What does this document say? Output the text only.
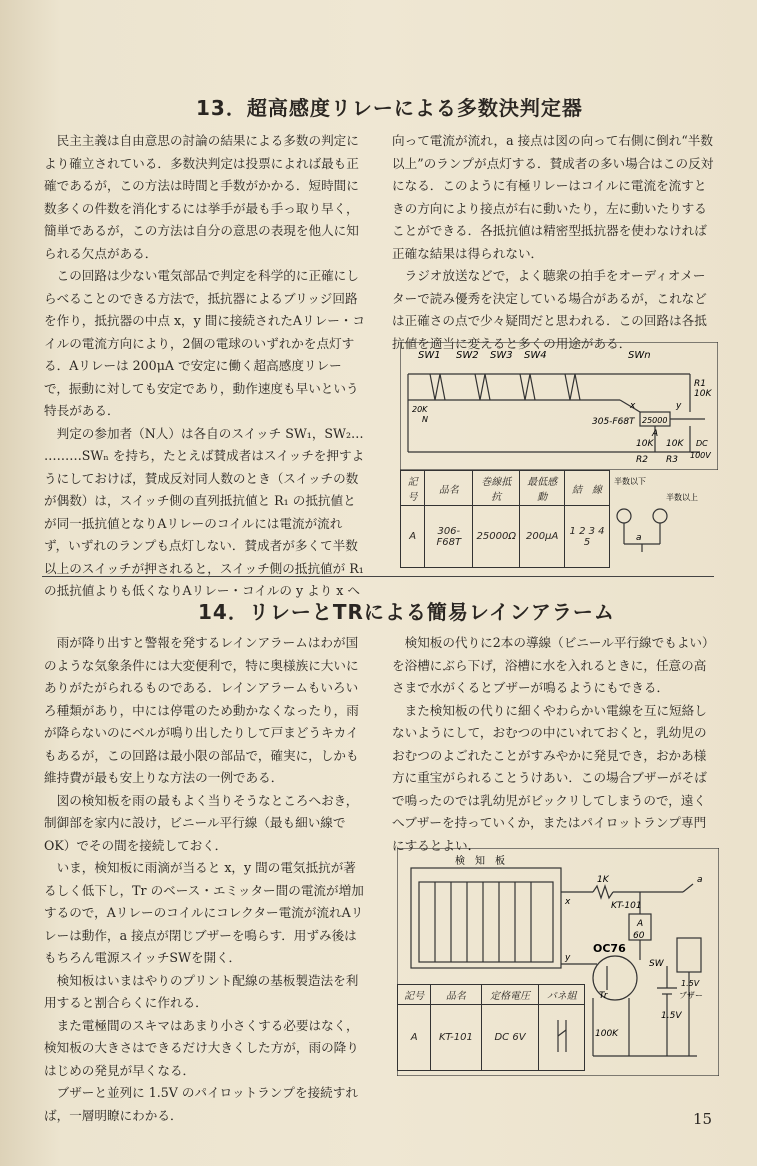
13．超高感度リレーによる多数決判定器

民主主義は自由意思の討論の結果による多数の判定により確立されている．多数決判定は投票によれば最も正確であるが，この方法は時間と手数がかかる．短時間に数多くの件数を消化するには挙手が最も手っ取り早く，簡単であるが，この方法は自分の意思の表現を他人に知られる欠点がある．

この回路は少ない電気部品で判定を科学的に正確にしらべることのできる方法で，抵抗器によるブリッジ回路を作り，抵抗器の中点 x，y 間に接続されたAリレー・コイルの電流方向により，2個の電球のいずれかを点灯する．Aリレーは 200μA で安定に働く超高感度リレーで，振動に対しても安定であり，動作速度も早いという特長がある．

判定の参加者（N人）は各自のスイッチ SW₁，SW₂… ………SWₙ を持ち，たとえば賛成者はスイッチを押すようにしておけば，賛成反対同人数のとき（スイッチの数が偶数）は，スイッチ側の直列抵抗値と R₁ の抵抗値とが同一抵抗値となりAリレーのコイルには電流が流れず，いずれのランプも点灯しない．賛成者が多くて半数以上のスイッチが押されると，スイッチ側の抵抗値が R₁ の抵抗値よりも低くなりAリレー・コイルの y より x へ

向って電流が流れ，a 接点は図の向って右側に倒れ“半数以上”のランプが点灯する．賛成者の多い場合はこの反対になる．このように有極リレーはコイルに電流を流すときの方向により接点が右に動いたり，左に動いたりすることができる．各抵抗値は精密型抵抗器を使わなければ正確な結果は得られない．

ラジオ放送などで，よく聴衆の拍手をオーディオメーターで読み優秀を決定している場合があるが，これなどは正確さの点で少々疑問だと思われる．この回路は各抵抗値を適当に変えると多くの用途がある．

SW1 SW2 SW3 SW4	SWn
R1
10K
20K
N	305-F68T 25000
A
x	y
10K
R2
10K
R3
DC
100V
記号	品名	巻線抵抗	最低感動	結　線
A	306-F68T	25000Ω	200μA	1 2 3 4 5
半数以下
半数以上
a
14．リレーとTRによる簡易レインアラーム

雨が降り出すと警報を発するレインアラームはわが国のような気象条件には大変便利で，特に奥様族に大いにありがたがられるものである．レインアラームもいろいろ種類があり，中には停電のため動かなくなったり，雨が降らないのにベルが鳴り出したりして戸まどうキカイもあるが，この回路は最小限の部品で，確実に，しかも維持費が最も安上りな方法の一例である．

図の検知板を雨の最もよく当りそうなところへおき，制御部を家内に設け，ビニール平行線（最も細い線でOK）でその間を接続しておく．

いま，検知板に雨滴が当ると x，y 間の電気抵抗が著るしく低下し，Tr のベース・エミッター間の電流が増加するので，Aリレーのコイルにコレクター電流が流れAリレーは動作，a 接点が閉じブザーを鳴らす．用ずみ後はもちろん電源スイッチSWを開く．

検知板はいまはやりのプリント配線の基板製造法を利用すると割合らくに作れる．

また電極間のスキマはあまり小さくする必要はなく，検知板の大きさはできるだけ大きくした方が，雨の降りはじめの発見が早くなる．

ブザーと並列に 1.5V のパイロットランプを接続すれば，一層明瞭にわかる．

検知板の代りに2本の導線（ビニール平行線でもよい）を浴槽にぶら下げ，浴槽に水を入れるときに，任意の高さまで水がくるとブザーが鳴るようにもできる．

また検知板の代りに細くやわらかい電線を互に短絡しないようにして，おむつの中にいれておくと，乳幼児のおむつのよごれたことがすみやかに発見でき，おかあ様方に重宝がられることうけあい．この場合ブザーがそばで鳴ったのでは乳幼児がビックリしてしまうので，遠くへブザーを持っていくか，またはパイロットランプ専門にするとよい．

検　知　板
1K
x
y
KT-101
A
60
OC76
Tr
SW
a
100K
1.5V
1.5V
ブザー
記号	品名	定格電圧	バネ組
A	KT-101	DC 6V	
15
